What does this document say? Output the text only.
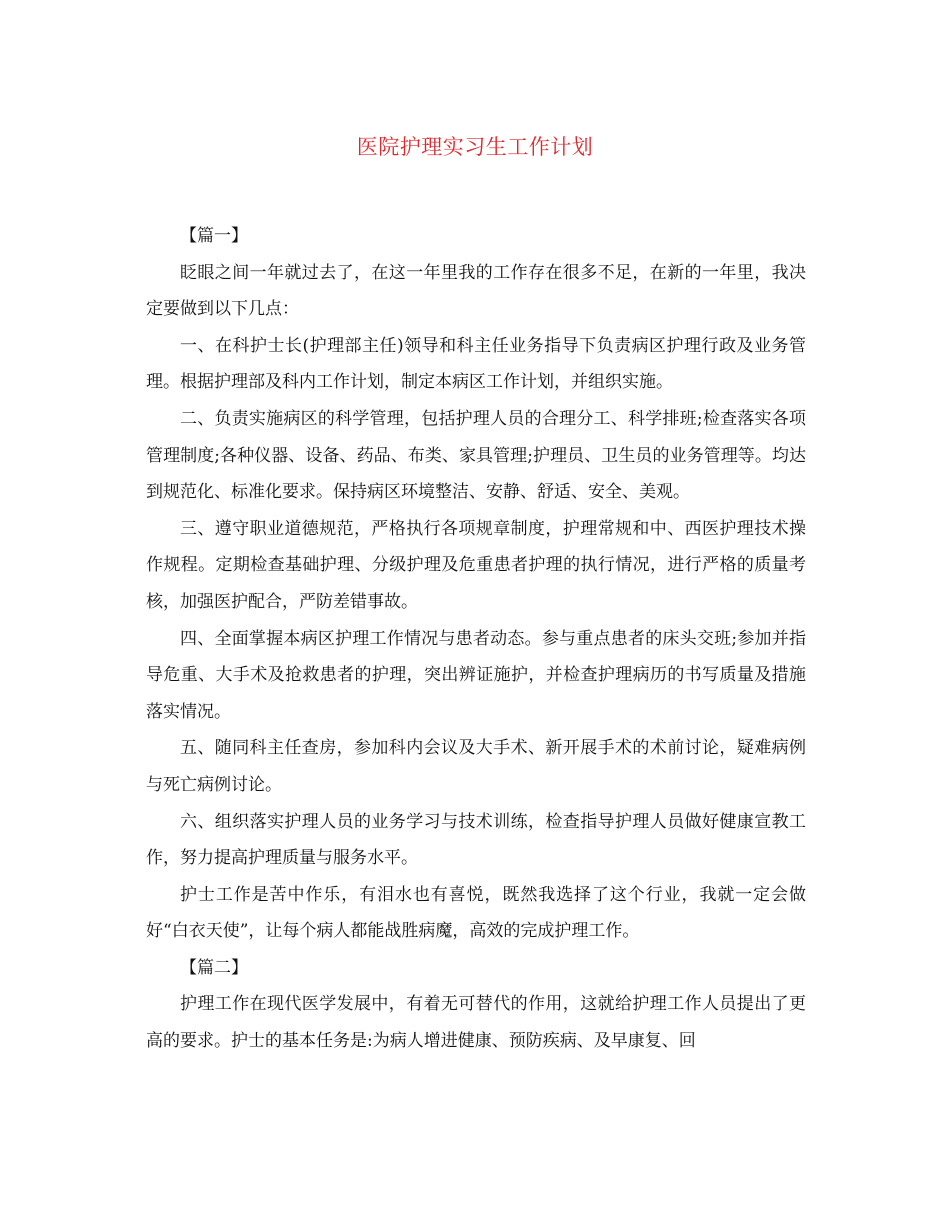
医院护理实习生工作计划

【篇一】

眨眼之间一年就过去了，在这一年里我的工作存在很多不足，在新的一年里，我决定要做到以下几点：

一、在科护士长(护理部主任)领导和科主任业务指导下负责病区护理行政及业务管理。根据护理部及科内工作计划，制定本病区工作计划，并组织实施。

二、负责实施病区的科学管理，包括护理人员的合理分工、科学排班;检查落实各项管理制度;各种仪器、设备、药品、布类、家具管理;护理员、卫生员的业务管理等。均达到规范化、标准化要求。保持病区环境整洁、安静、舒适、安全、美观。

三、遵守职业道德规范，严格执行各项规章制度，护理常规和中、西医护理技术操作规程。定期检查基础护理、分级护理及危重患者护理的执行情况，进行严格的质量考核，加强医护配合，严防差错事故。

四、全面掌握本病区护理工作情况与患者动态。参与重点患者的床头交班;参加并指导危重、大手术及抢救患者的护理，突出辨证施护，并检查护理病历的书写质量及措施落实情况。

五、随同科主任查房，参加科内会议及大手术、新开展手术的术前讨论，疑难病例与死亡病例讨论。

六、组织落实护理人员的业务学习与技术训练，检查指导护理人员做好健康宣教工作，努力提高护理质量与服务水平。

护士工作是苦中作乐，有泪水也有喜悦，既然我选择了这个行业，我就一定会做好“白衣天使”，让每个病人都能战胜病魔，高效的完成护理工作。

【篇二】

护理工作在现代医学发展中，有着无可替代的作用，这就给护理工作人员提出了更高的要求。护士的基本任务是:为病人增进健康、预防疾病、及早康复、回
